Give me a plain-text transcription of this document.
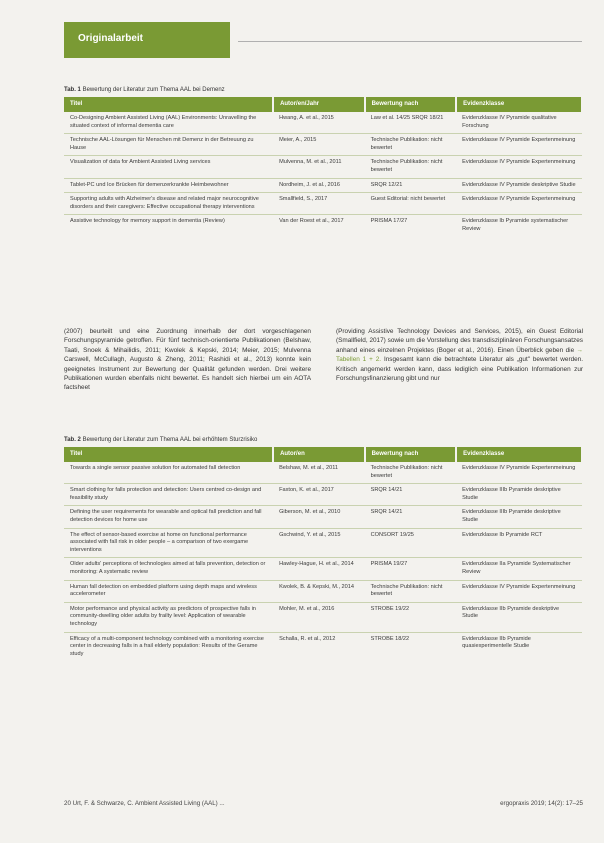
Originalarbeit
Tab. 1 Bewertung der Literatur zum Thema AAL bei Demenz
Titel	Autor/en/Jahr	Bewertung nach	Evidenzklasse
Co-Designing Ambient Assisted Living (AAL) Environments: Unravelling the situated context of informal dementia care	Hwang, A. et al., 2015	Law et al. 14/25 SRQR 18/21	Evidenzklasse IV Pyramide qualitative Forschung
Technische AAL-Lösungen für Menschen mit Demenz in der Betreuung zu Hause	Meier, A., 2015	Technische Publikation: nicht bewertet	Evidenzklasse IV Pyramide Expertenmeinung
Visualization of data for Ambient Assisted Living services	Mulvenna, M. et al., 2011	Technische Publikation: nicht bewertet	Evidenzklasse IV Pyramide Expertenmeinung
Tablet-PC und Ice Brücken für demenzerkrankte Heimbewohner	Nordheim, J. et al., 2016	SRQR 12/21	Evidenzklasse IV Pyramide deskriptive Studie
Supporting adults with Alzheimer's disease and related major neurocognitive disorders and their caregivers: Effective occupational therapy interventions	Smallfield, S., 2017	Guest Editorial: nicht bewertet	Evidenzklasse IV Pyramide Expertenmeinung
Assistive technology for memory support in dementia (Review)	Van der Roest et al., 2017	PRISMA 17/27	Evidenzklasse Ib Pyramide systematischer Review
(2007) beurteilt und eine Zuordnung innerhalb der dort vorgeschlagenen Forschungspyramide getroffen. Für fünf technisch-orientierte Publikationen (Belshaw, Taati, Snoek & Mihailidis, 2011; Kwolek & Kepski, 2014; Meier, 2015; Mulvenna Carswell, McCullagh, Augusto & Zheng, 2011; Rashidi et al., 2013) konnte kein geeignetes Instrument zur Bewertung der Qualität gefunden werden. Drei weitere Publikationen wurden ebenfalls nicht bewertet. Es handelt sich hierbei um ein AOTA factsheet
(Providing Assistive Technology Devices and Services, 2015), ein Guest Editorial (Smallfield, 2017) sowie um die Vorstellung des transdisziplinären Forschungsansatzes anhand eines einzelnen Projektes (Boger et al., 2016). Einen Überblick geben die → Tabellen 1 + 2. Insgesamt kann die betrachtete Literatur als „gut" bewertet werden. Kritisch angemerkt werden kann, dass lediglich eine Publikation Informationen zur Forschungsfinanzierung gibt und nur
Tab. 2 Bewertung der Literatur zum Thema AAL bei erhöhtem Sturzrisiko
Titel	Autor/en	Bewertung nach	Evidenzklasse
Towards a single sensor passive solution for automated fall detection	Belshaw, M. et al., 2011	Technische Publikation: nicht bewertet	Evidenzklasse IV Pyramide Expertenmeinung
Smart clothing for falls protection and detection: Users centred co-design and feasibility study	Faxton, K. et al., 2017	SRQR 14/21	Evidenzklasse IIIb Pyramide deskriptive Studie
Defining the user requirements for wearable and optical fall prediction and fall detection devices for home use	Giberson, M. et al., 2010	SRQR 14/21	Evidenzklasse IIIb Pyramide deskriptive Studie
The effect of sensor-based exercise at home on functional performance associated with fall risk in older people – a comparison of two exergame interventions	Gschwind, Y. et al., 2015	CONSORT 19/25	Evidenzklasse Ib Pyramide RCT
Older adults' perceptions of technologies aimed at falls prevention, detection or monitoring: A systematic review	Hawley-Hague, H. et al., 2014	PRISMA 19/27	Evidenzklasse IIa Pyramide Systematischer Review
Human fall detection on embedded platform using depth maps and wireless accelerometer	Kwolek, B. & Kepski, M., 2014	Technische Publikation: nicht bewertet	Evidenzklasse IV Pyramide Expertenmeinung
Motor performance and physical activity as predictors of prospective falls in community-dwelling older adults by frailty level: Application of wearable technology	Mohler, M. et al., 2016	STROBE 19/22	Evidenzklasse IIb Pyramide deskriptive Studie
Efficacy of a multi-component technology combined with a monitoring exercise center in decreasing falls in a frail elderly population: Results of the Gerame study	Schalla, R. et al., 2012	STROBE 18/22	Evidenzklasse IIb Pyramide quasiexperimentelle Studie
20 Urt, F. & Schwarze, C. Ambient Assisted Living (AAL) ...	ergopraxis 2019; 14(2): 17–25
